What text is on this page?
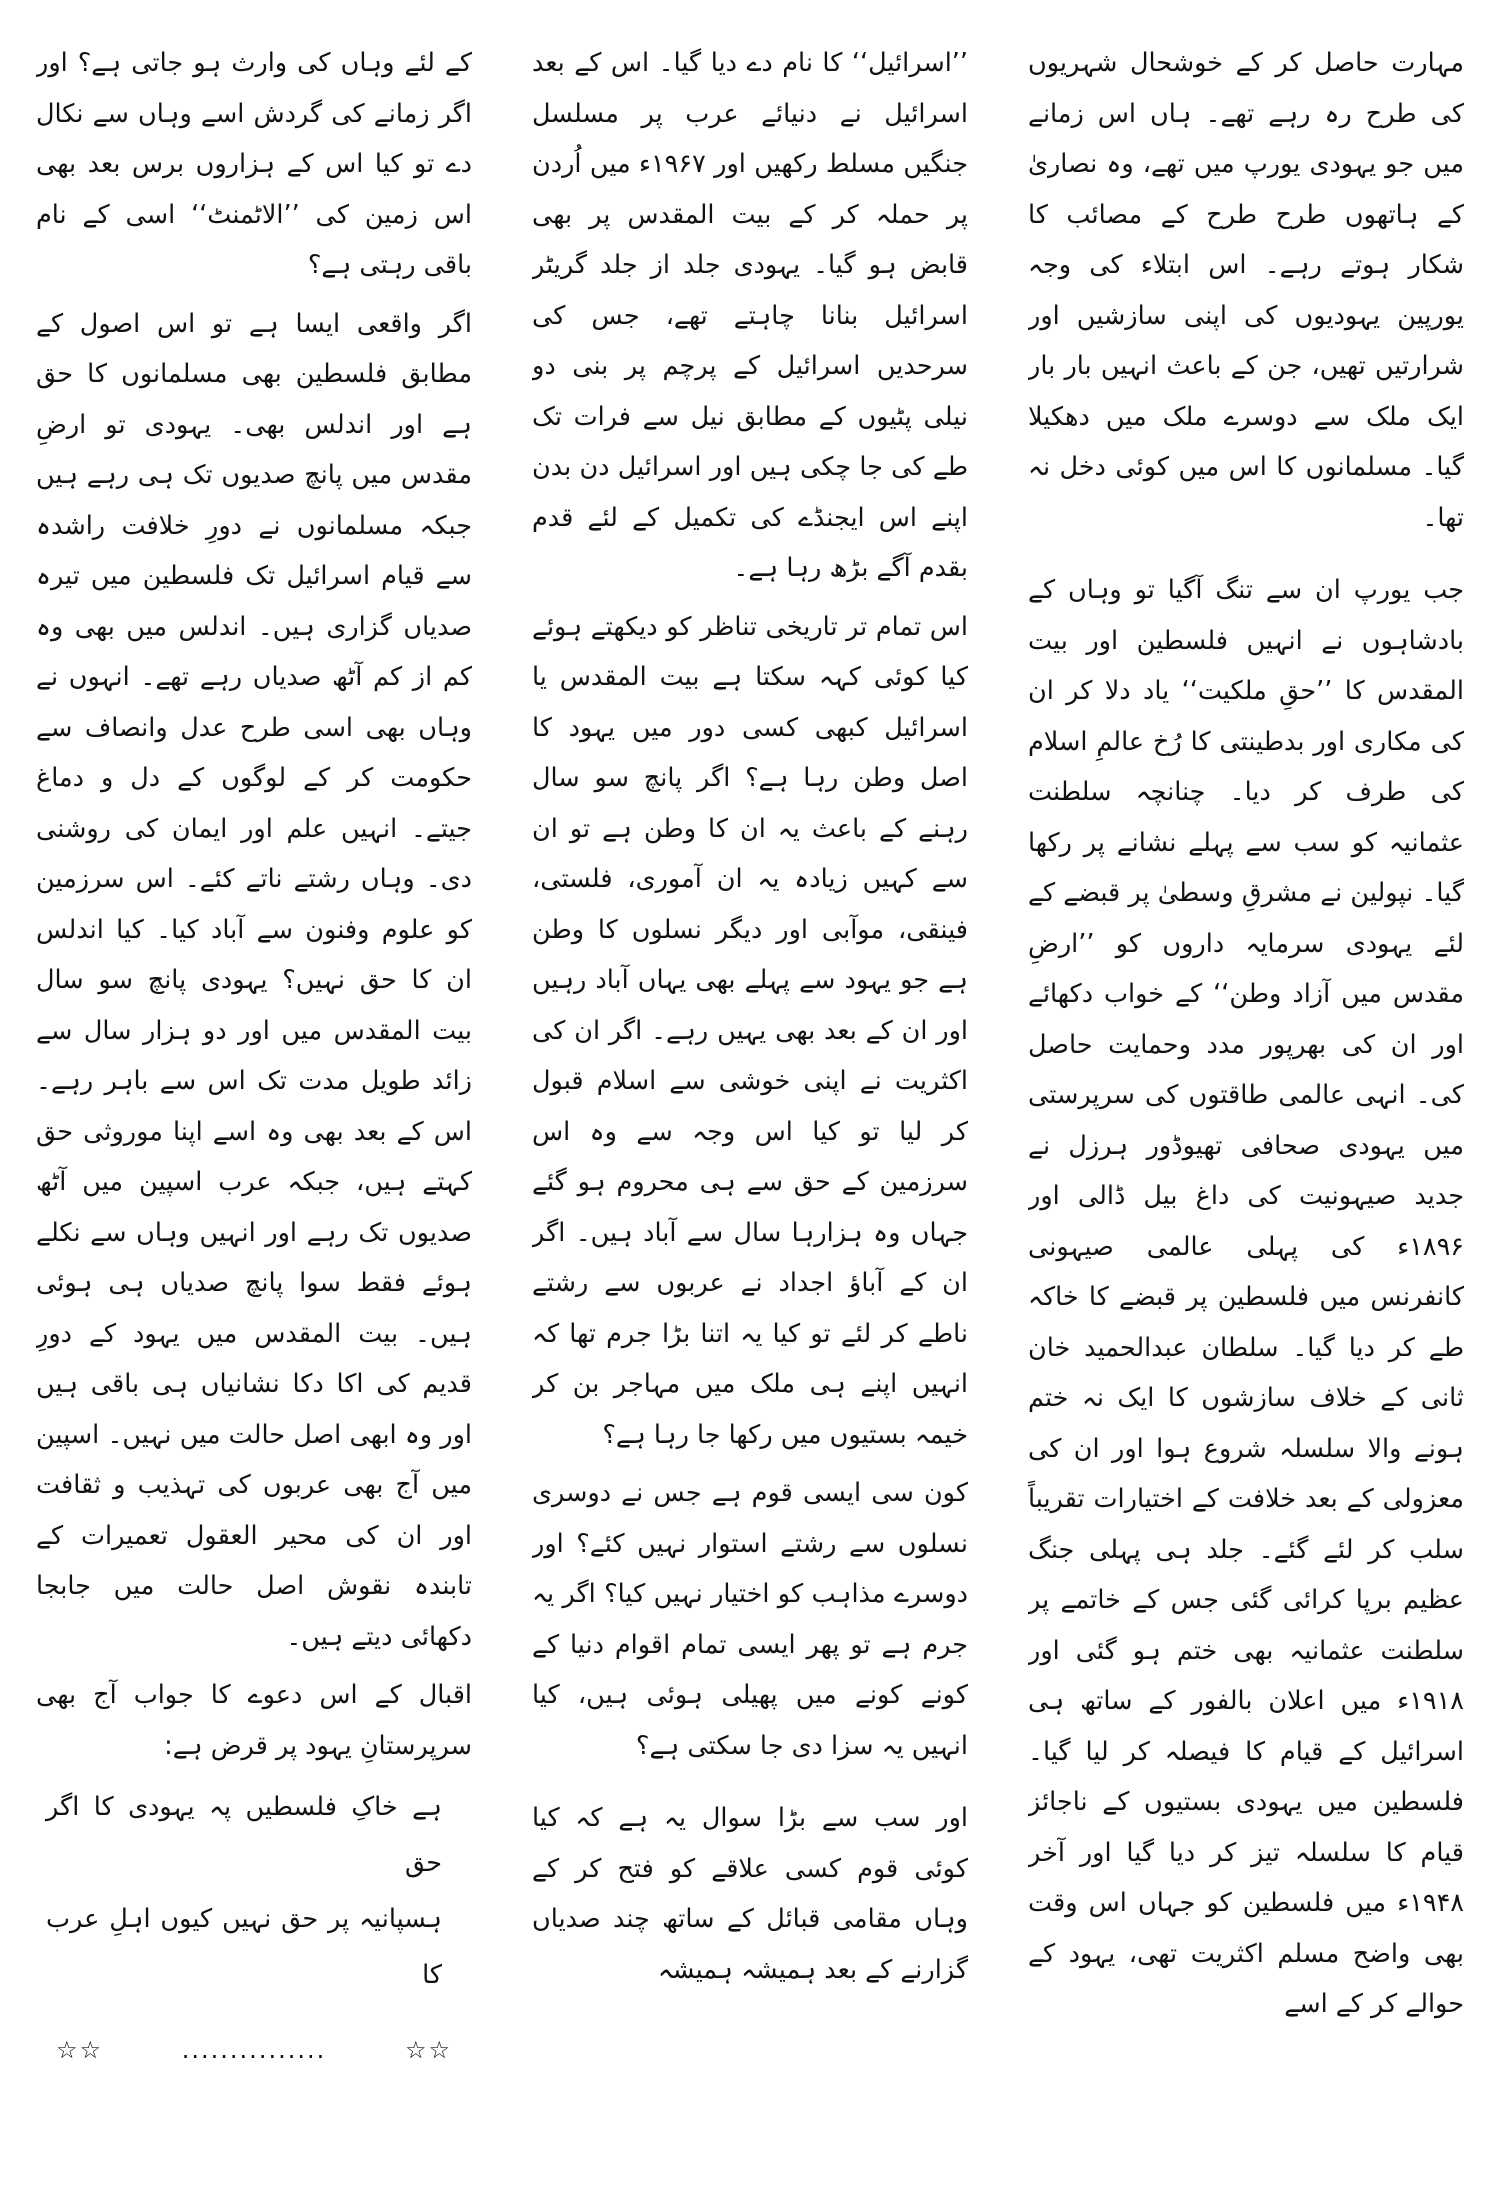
مہارت حاصل کر کے خوشحال شہریوں کی طرح رہ رہے تھے۔ ہاں اس زمانے میں جو یہودی یورپ میں تھے، وہ نصاریٰ کے ہاتھوں طرح طرح کے مصائب کا شکار ہوتے رہے۔ اس ابتلاء کی وجہ یورپین یہودیوں کی اپنی سازشیں اور شرارتیں تھیں، جن کے باعث انہیں بار بار ایک ملک سے دوسرے ملک میں دھکیلا گیا۔ مسلمانوں کا اس میں کوئی دخل نہ تھا۔

جب یورپ ان سے تنگ آگیا تو وہاں کے بادشاہوں نے انہیں فلسطین اور بیت المقدس کا ’’حقِ ملکیت‘‘ یاد دلا کر ان کی مکاری اور بدطینتی کا رُخ عالمِ اسلام کی طرف کر دیا۔ چنانچہ سلطنت عثمانیہ کو سب سے پہلے نشانے پر رکھا گیا۔ نپولین نے مشرقِ وسطیٰ پر قبضے کے لئے یہودی سرمایہ داروں کو ’’ارضِ مقدس میں آزاد وطن‘‘ کے خواب دکھائے اور ان کی بھرپور مدد وحمایت حاصل کی۔ انہی عالمی طاقتوں کی سرپرستی میں یہودی صحافی تھیوڈور ہرزل نے جدید صیہونیت کی داغ بیل ڈالی اور ۱۸۹۶ء کی پہلی عالمی صیہونی کانفرنس میں فلسطین پر قبضے کا خاکہ طے کر دیا گیا۔ سلطان عبدالحمید خان ثانی کے خلاف سازشوں کا ایک نہ ختم ہونے والا سلسلہ شروع ہوا اور ان کی معزولی کے بعد خلافت کے اختیارات تقریباً سلب کر لئے گئے۔ جلد ہی پہلی جنگ عظیم برپا کرائی گئی جس کے خاتمے پر سلطنت عثمانیہ بھی ختم ہو گئی اور ۱۹۱۸ء میں اعلان بالفور کے ساتھ ہی اسرائیل کے قیام کا فیصلہ کر لیا گیا۔ فلسطین میں یہودی بستیوں کے ناجائز قیام کا سلسلہ تیز کر دیا گیا اور آخر ۱۹۴۸ء میں فلسطین کو جہاں اس وقت بھی واضح مسلم اکثریت تھی، یہود کے حوالے کر کے اسے

’’اسرائیل‘‘ کا نام دے دیا گیا۔ اس کے بعد اسرائیل نے دنیائے عرب پر مسلسل جنگیں مسلط رکھیں اور ۱۹۶۷ء میں اُردن پر حملہ کر کے بیت المقدس پر بھی قابض ہو گیا۔ یہودی جلد از جلد گریٹر اسرائیل بنانا چاہتے تھے، جس کی سرحدیں اسرائیل کے پرچم پر بنی دو نیلی پٹیوں کے مطابق نیل سے فرات تک طے کی جا چکی ہیں اور اسرائیل دن بدن اپنے اس ایجنڈے کی تکمیل کے لئے قدم بقدم آگے بڑھ رہا ہے۔

اس تمام تر تاریخی تناظر کو دیکھتے ہوئے کیا کوئی کہہ سکتا ہے بیت المقدس یا اسرائیل کبھی کسی دور میں یہود کا اصل وطن رہا ہے؟ اگر پانچ سو سال رہنے کے باعث یہ ان کا وطن ہے تو ان سے کہیں زیادہ یہ ان آموری، فلستی، فینقی، موآبی اور دیگر نسلوں کا وطن ہے جو یہود سے پہلے بھی یہاں آباد رہیں اور ان کے بعد بھی یہیں رہے۔ اگر ان کی اکثریت نے اپنی خوشی سے اسلام قبول کر لیا تو کیا اس وجہ سے وہ اس سرزمین کے حق سے ہی محروم ہو گئے جہاں وہ ہزارہا سال سے آباد ہیں۔ اگر ان کے آباؤ اجداد نے عربوں سے رشتے ناطے کر لئے تو کیا یہ اتنا بڑا جرم تھا کہ انہیں اپنے ہی ملک میں مہاجر بن کر خیمہ بستیوں میں رکھا جا رہا ہے؟

کون سی ایسی قوم ہے جس نے دوسری نسلوں سے رشتے استوار نہیں کئے؟ اور دوسرے مذاہب کو اختیار نہیں کیا؟ اگر یہ جرم ہے تو پھر ایسی تمام اقوام دنیا کے کونے کونے میں پھیلی ہوئی ہیں، کیا انہیں یہ سزا دی جا سکتی ہے؟

اور سب سے بڑا سوال یہ ہے کہ کیا کوئی قوم کسی علاقے کو فتح کر کے وہاں مقامی قبائل کے ساتھ چند صدیاں گزارنے کے بعد ہمیشہ ہمیشہ

کے لئے وہاں کی وارث ہو جاتی ہے؟ اور اگر زمانے کی گردش اسے وہاں سے نکال دے تو کیا اس کے ہزاروں برس بعد بھی اس زمین کی ’’الاٹمنٹ‘‘ اسی کے نام باقی رہتی ہے؟

اگر واقعی ایسا ہے تو اس اصول کے مطابق فلسطین بھی مسلمانوں کا حق ہے اور اندلس بھی۔ یہودی تو ارضِ مقدس میں پانچ صدیوں تک ہی رہے ہیں جبکہ مسلمانوں نے دورِ خلافت راشدہ سے قیام اسرائیل تک فلسطین میں تیرہ صدیاں گزاری ہیں۔ اندلس میں بھی وہ کم از کم آٹھ صدیاں رہے تھے۔ انہوں نے وہاں بھی اسی طرح عدل وانصاف سے حکومت کر کے لوگوں کے دل و دماغ جیتے۔ انہیں علم اور ایمان کی روشنی دی۔ وہاں رشتے ناتے کئے۔ اس سرزمین کو علوم وفنون سے آباد کیا۔ کیا اندلس ان کا حق نہیں؟ یہودی پانچ سو سال بیت المقدس میں اور دو ہزار سال سے زائد طویل مدت تک اس سے باہر رہے۔ اس کے بعد بھی وہ اسے اپنا موروثی حق کہتے ہیں، جبکہ عرب اسپین میں آٹھ صدیوں تک رہے اور انہیں وہاں سے نکلے ہوئے فقط سوا پانچ صدیاں ہی ہوئی ہیں۔ بیت المقدس میں یہود کے دورِ قدیم کی اکا دکا نشانیاں ہی باقی ہیں اور وہ ابھی اصل حالت میں نہیں۔ اسپین میں آج بھی عربوں کی تہذیب و ثقافت اور ان کی محیر العقول تعمیرات کے تابندہ نقوش اصل حالت میں جابجا دکھائی دیتے ہیں۔

اقبال کے اس دعوے کا جواب آج بھی سرپرستانِ یہود پر قرض ہے:

ہے خاکِ فلسطیں پہ یہودی کا اگر حق
ہسپانیہ پر حق نہیں کیوں اہلِ عرب کا
☆☆
...............
☆☆
